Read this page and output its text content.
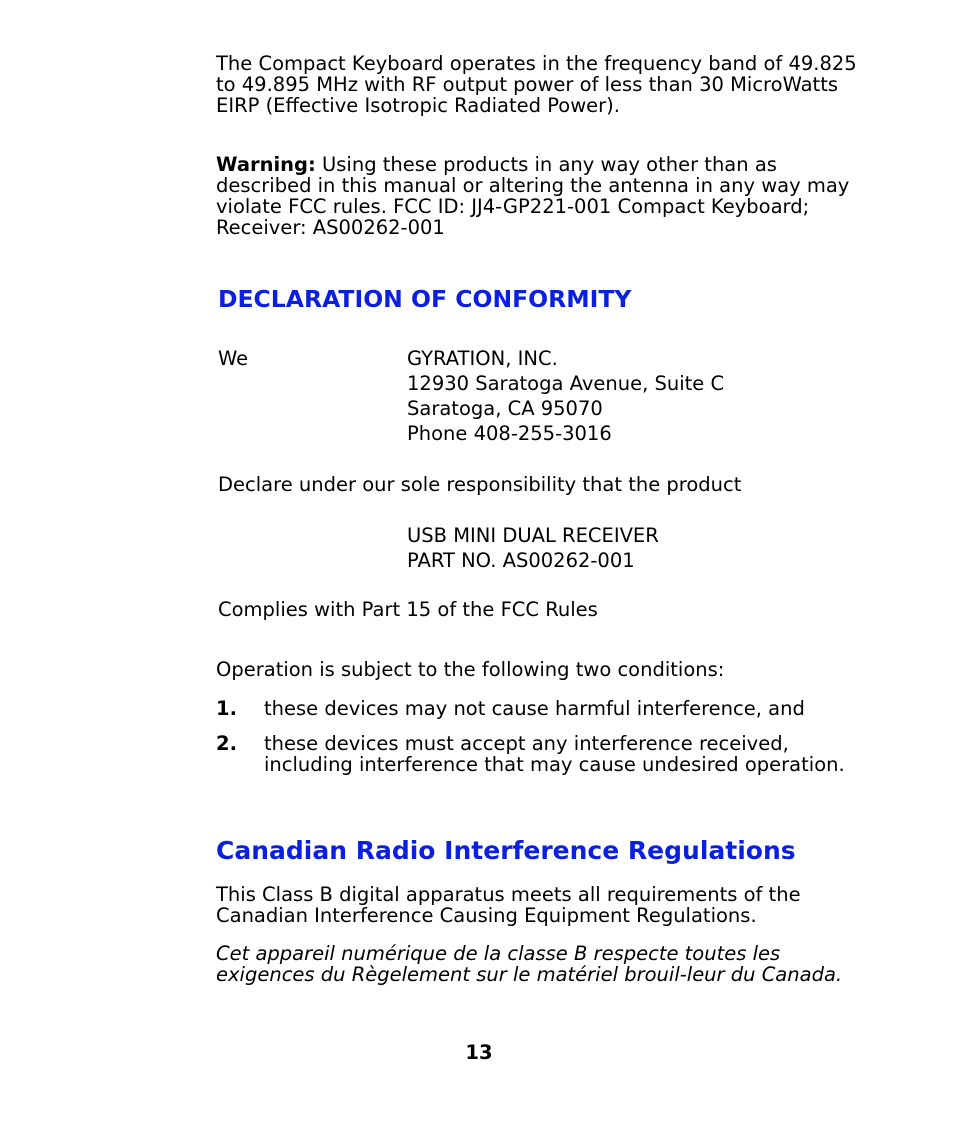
The Compact Keyboard operates in the frequency band of 49.825 to 49.895 MHz with RF output power of less than 30 MicroWatts EIRP (Effective Isotropic Radiated Power).

Warning: Using these products in any way other than as described in this manual or altering the antenna in any way may violate FCC rules. FCC ID: JJ4-GP221-001 Compact Keyboard; Receiver: AS00262-001

DECLARATION OF CONFORMITY
We	GYRATION, INC.
12930 Saratoga Avenue, Suite C
Saratoga, CA 95070
Phone 408-255-3016
Declare under our sole responsibility that the product
USB MINI DUAL RECEIVER
PART NO. AS00262-001
Complies with Part 15 of the FCC Rules
Operation is subject to the following two conditions:
1. these devices may not cause harmful interference, and
2. these devices must accept any interference received, including interference that may cause undesired operation.
Canadian Radio Interference Regulations

This Class B digital apparatus meets all requirements of the Canadian Interference Causing Equipment Regulations.

Cet appareil numérique de la classe B respecte toutes les exigences du Règelement sur le matériel brouil-leur du Canada.

13
